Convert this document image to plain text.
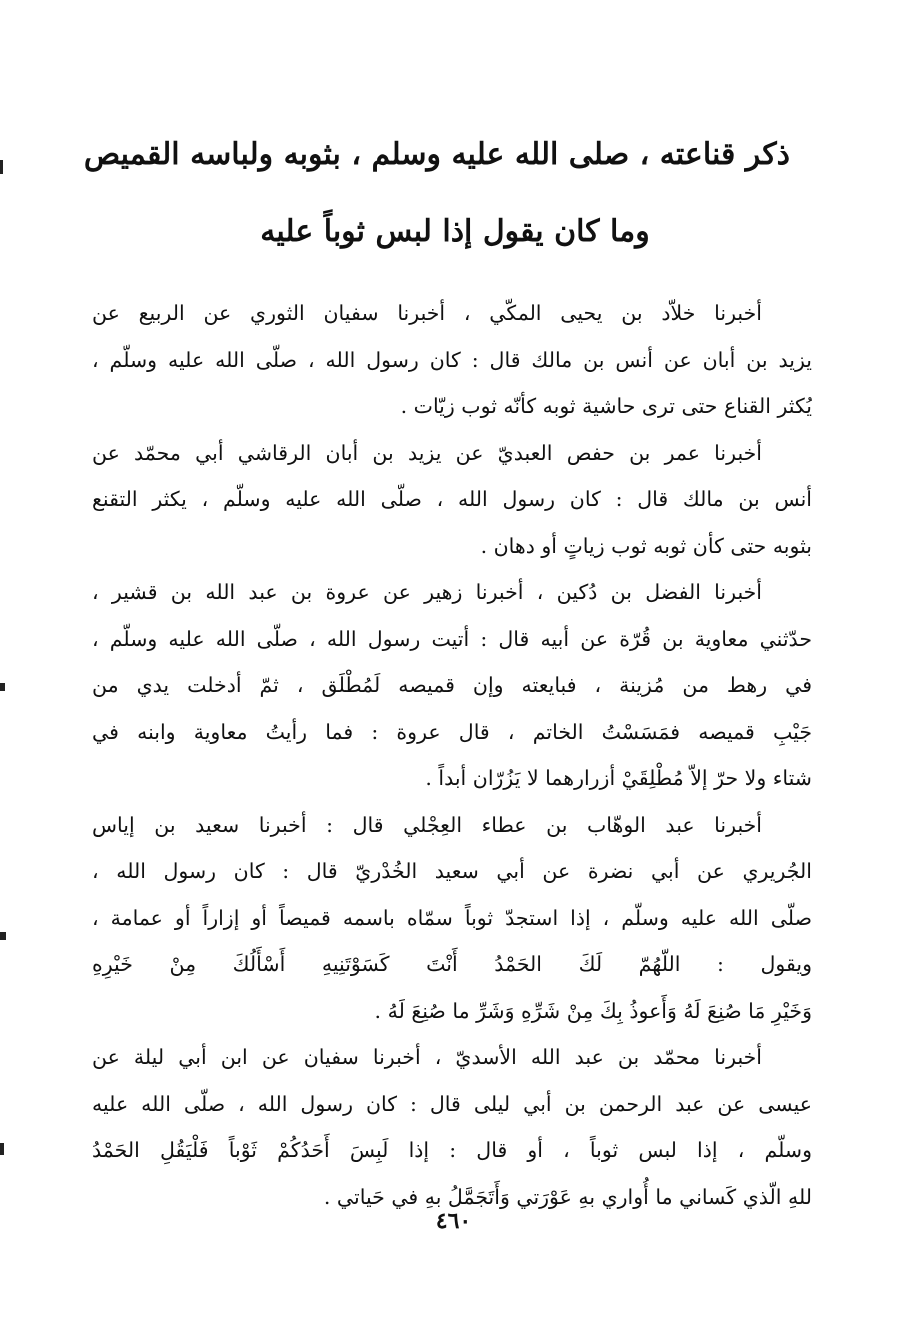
ذكر قناعته ، صلى الله عليه وسلم ، بثوبه ولباسه القميص
وما كان يقول إذا لبس ثوباً عليه
أخبرنا خلاّد بن يحيى المكّي ، أخبرنا سفيان الثوري عن الربيع عن
يزيد بن أبان عن أنس بن مالك قال : كان رسول الله ، صلّى الله عليه وسلّم ،
يُكثر القناع حتى ترى حاشية ثوبه كأنّه ثوب زيّات .
أخبرنا عمر بن حفص العبديّ عن يزيد بن أبان الرقاشي أبي محمّد عن
أنس بن مالك قال : كان رسول الله ، صلّى الله عليه وسلّم ، يكثر التقنع
بثوبه حتى كأن ثوبه ثوب زياتٍ أو دهان .
أخبرنا الفضل بن دُكين ، أخبرنا زهير عن عروة بن عبد الله بن قشير ،
حدّثني معاوية بن قُرّة عن أبيه قال : أتيت رسول الله ، صلّى الله عليه وسلّم ،
في رهط من مُزينة ، فبايعته وإن قميصه لَمُطْلَق ، ثمّ أدخلت يدي من
جَيْبِ قميصه فمَسَسْتُ الخاتم ، قال عروة : فما رأيتُ معاوية وابنه في
شتاء ولا حرّ إلاّ مُطْلِقَيْ أزرارهما لا يَزُرّان أبداً .
أخبرنا عبد الوهّاب بن عطاء العِجْلي قال : أخبرنا سعيد بن إياس
الجُريري عن أبي نضرة عن أبي سعيد الخُدْريّ قال : كان رسول الله ،
صلّى الله عليه وسلّم ، إذا استجدّ ثوباً سمّاه باسمه قميصاً أو إزاراً أو عمامة ،
ويقول : اللّهُمّ لَكَ الحَمْدُ أَنْتَ كَسَوْتَنِيهِ أَسْأَلُكَ مِنْ خَيْرِهِ
وَخَيْرِ مَا صُنِعَ لَهُ وَأَعوذُ بِكَ مِنْ شَرِّهِ وَشَرِّ ما صُنِعَ لَهُ .
أخبرنا محمّد بن عبد الله الأسديّ ، أخبرنا سفيان عن ابن أبي ليلة عن
عيسى عن عبد الرحمن بن أبي ليلى قال : كان رسول الله ، صلّى الله عليه
وسلّم ، إذا لبس ثوباً ، أو قال : إذا لَبِسَ أَحَدُكُمْ ثَوْباً فَلْيَقُلِ الحَمْدُ
للهِ الّذي كَساني ما أُواري بهِ عَوْرَتي وَأَتَجَمَّلُ بهِ في حَياتي .
٤٦٠
